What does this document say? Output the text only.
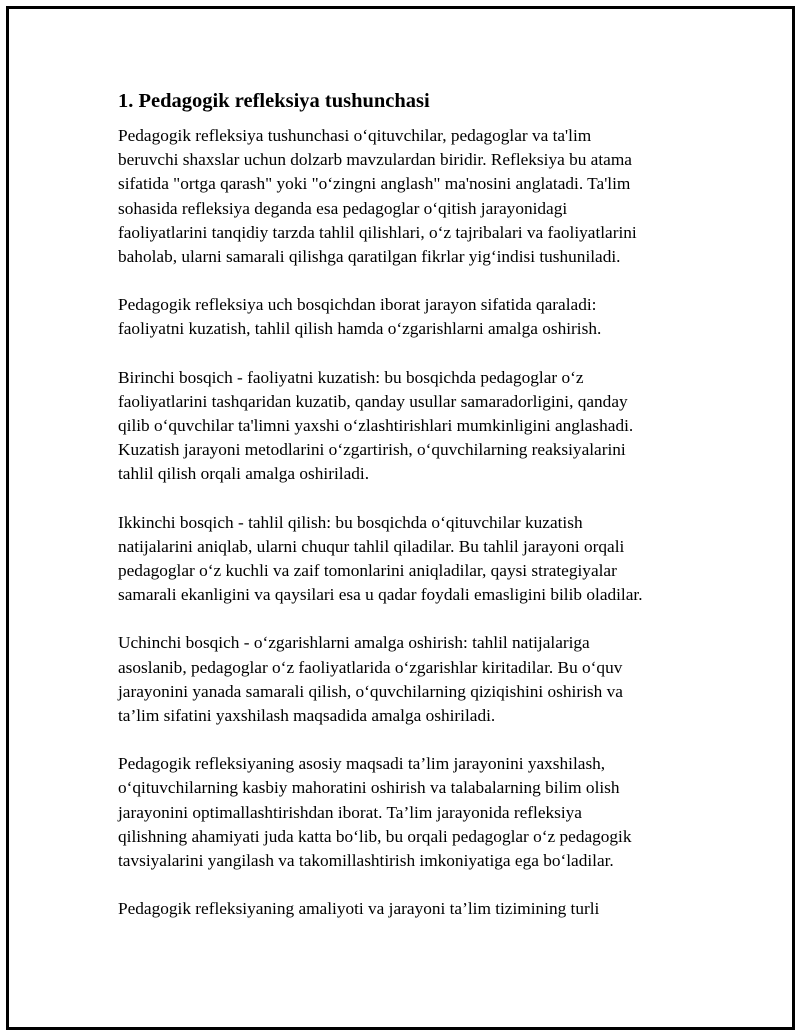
1. Pedagogik refleksiya tushunchasi

Pedagogik refleksiya tushunchasi o‘qituvchilar, pedagoglar va ta'lim
beruvchi shaxslar uchun dolzarb mavzulardan biridir. Refleksiya bu atama
sifatida "ortga qarash" yoki "o‘zingni anglash" ma'nosini anglatadi. Ta'lim
sohasida refleksiya deganda esa pedagoglar o‘qitish jarayonidagi
faoliyatlarini tanqidiy tarzda tahlil qilishlari, o‘z tajribalari va faoliyatlarini
baholab, ularni samarali qilishga qaratilgan fikrlar yig‘indisi tushuniladi.

Pedagogik refleksiya uch bosqichdan iborat jarayon sifatida qaraladi:
faoliyatni kuzatish, tahlil qilish hamda o‘zgarishlarni amalga oshirish.

Birinchi bosqich - faoliyatni kuzatish: bu bosqichda pedagoglar o‘z
faoliyatlarini tashqaridan kuzatib, qanday usullar samaradorligini, qanday
qilib o‘quvchilar ta'limni yaxshi o‘zlashtirishlari mumkinligini anglashadi.
Kuzatish jarayoni metodlarini o‘zgartirish, o‘quvchilarning reaksiyalarini
tahlil qilish orqali amalga oshiriladi.

Ikkinchi bosqich - tahlil qilish: bu bosqichda o‘qituvchilar kuzatish
natijalarini aniqlab, ularni chuqur tahlil qiladilar. Bu tahlil jarayoni orqali
pedagoglar o‘z kuchli va zaif tomonlarini aniqladilar, qaysi strategiyalar
samarali ekanligini va qaysilari esa u qadar foydali emasligini bilib oladilar.

Uchinchi bosqich - o‘zgarishlarni amalga oshirish: tahlil natijalariga
asoslanib, pedagoglar o‘z faoliyatlarida o‘zgarishlar kiritadilar. Bu o‘quv
jarayonini yanada samarali qilish, o‘quvchilarning qiziqishini oshirish va
ta’lim sifatini yaxshilash maqsadida amalga oshiriladi.

Pedagogik refleksiyaning asosiy maqsadi ta’lim jarayonini yaxshilash,
o‘qituvchilarning kasbiy mahoratini oshirish va talabalarning bilim olish
jarayonini optimallashtirishdan iborat. Ta’lim jarayonida refleksiya
qilishning ahamiyati juda katta bo‘lib, bu orqali pedagoglar o‘z pedagogik
tavsiyalarini yangilash va takomillashtirish imkoniyatiga ega bo‘ladilar.

Pedagogik refleksiyaning amaliyoti va jarayoni ta’lim tizimining turli
